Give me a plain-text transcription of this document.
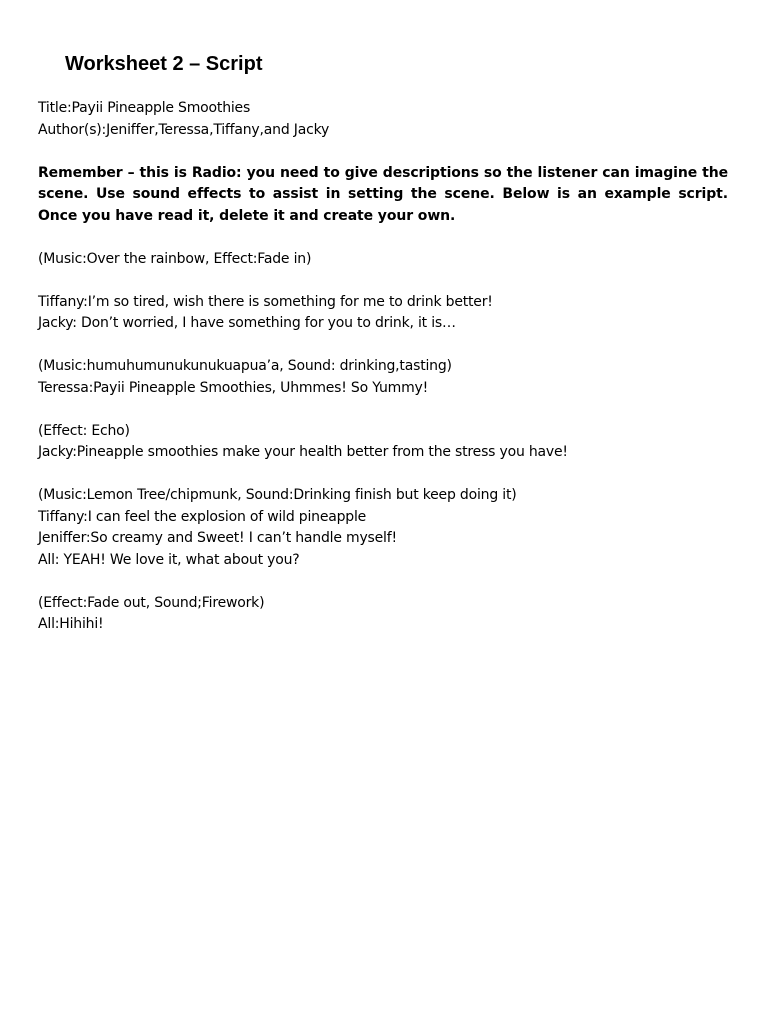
Worksheet 2 – Script
Title:Payii Pineapple Smoothies
Author(s):Jeniffer,Teressa,Tiffany,and Jacky
Remember – this is Radio: you need to give descriptions so the listener can imagine the scene. Use sound effects to assist in setting the scene. Below is an example script. Once you have read it, delete it and create your own.
(Music:Over the rainbow, Effect:Fade in)
Tiffany:I’m so tired, wish there is something for me to drink better!
Jacky: Don’t worried, I have something for you to drink, it is…
(Music:humuhumunukunukuapua’a, Sound: drinking,tasting)
Teressa:Payii Pineapple Smoothies, Uhmmes! So Yummy!
(Effect: Echo)
Jacky:Pineapple smoothies make your health better from the stress you have!
(Music:Lemon Tree/chipmunk, Sound:Drinking finish but keep doing it)
Tiffany:I can feel the explosion of wild pineapple
Jeniffer:So creamy and Sweet! I can’t handle myself!
All: YEAH! We love it, what about you?
(Effect:Fade out, Sound;Firework)
All:Hihihi!
